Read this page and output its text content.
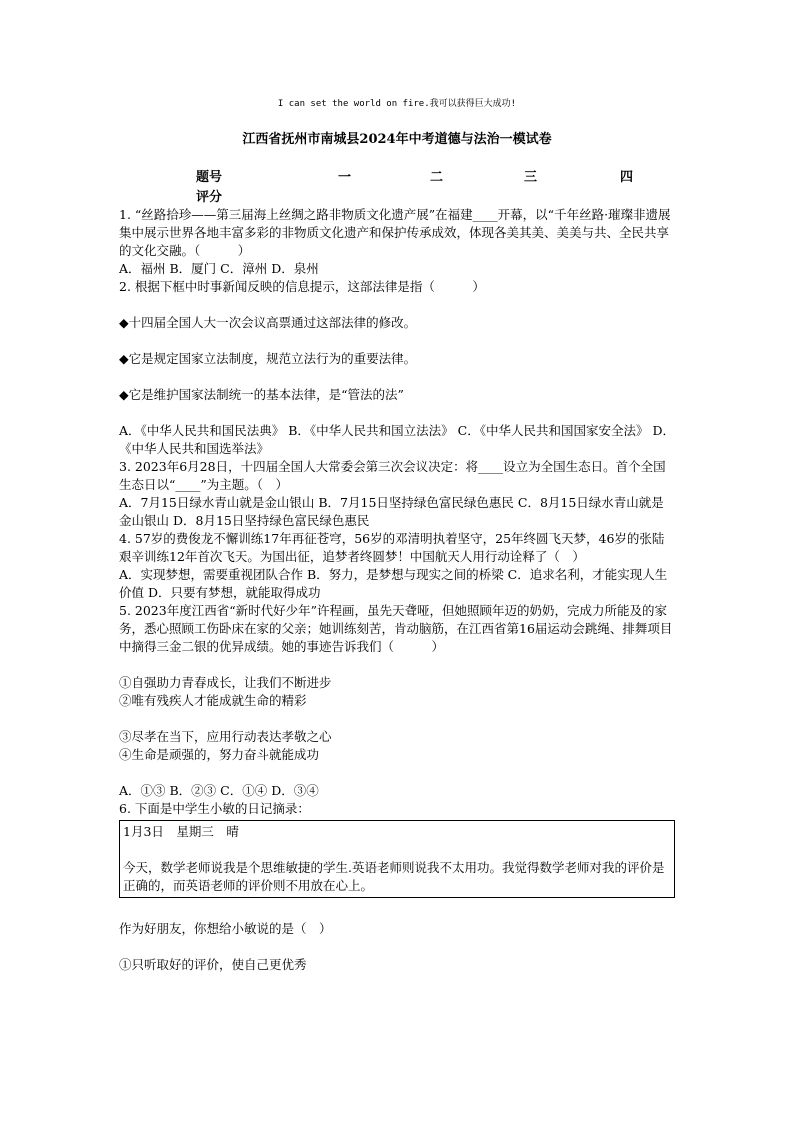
I can set the world on fire.我可以获得巨大成功!
江西省抚州市南城县2024年中考道德与法治一模试卷
题号	一	二	三	四
评分

1. “丝路拾珍——第三届海上丝绸之路非物质文化遗产展”在福建____开幕，以“千年丝路·璀璨非遗展集中展示世界各地丰富多彩的非物质文化遗产和保护传承成效，体现各美其美、美美与共、全民共享的文化交融。（　　　）

A．福州 B．厦门 C．漳州 D．泉州

2. 根据下框中时事新闻反映的信息提示，这部法律是指（　　　）

◆十四届全国人大一次会议高票通过这部法律的修改。

◆它是规定国家立法制度，规范立法行为的重要法律。

◆它是维护国家法制统一的基本法律，是“管法的法”

A．《中华人民共和国民法典》 B．《中华人民共和国立法法》 C．《中华人民共和国国家安全法》 D．《中华人民共和国选举法》

3. 2023年6月28日，十四届全国人大常委会第三次会议决定：将____设立为全国生态日。首个全国生态日以“____”为主题。（　）

A．7月15日绿水青山就是金山银山 B．7月15日坚持绿色富民绿色惠民 C．8月15日绿水青山就是金山银山 D．8月15日坚持绿色富民绿色惠民

4. 57岁的费俊龙不懈训练17年再征苍穹，56岁的邓清明执着坚守，25年终圆飞天梦，46岁的张陆艰辛训练12年首次飞天。为国出征，追梦者终圆梦！中国航天人用行动诠释了（　）

A．实现梦想，需要重视团队合作 B．努力，是梦想与现实之间的桥梁 C．追求名利，才能实现人生价值 D．只要有梦想，就能取得成功

5. 2023年度江西省“新时代好少年”许程画，虽先天聋哑，但她照顾年迈的奶奶，完成力所能及的家务，悉心照顾工伤卧床在家的父亲；她训练刻苦，肯动脑筋，在江西省第16届运动会跳绳、排舞项目中摘得三金二银的优异成绩。她的事迹告诉我们（　　　）

①自强助力青春成长，让我们不断进步

②唯有残疾人才能成就生命的精彩

③尽孝在当下，应用行动表达孝敬之心

④生命是顽强的，努力奋斗就能成功

A．①③ B．②③ C．①④ D．③④

6. 下面是中学生小敏的日记摘录：

1月3日　星期三　晴

今天，数学老师说我是个思维敏捷的学生.英语老师则说我不太用功。我觉得数学老师对我的评价是正确的，而英语老师的评价则不用放在心上。

作为好朋友，你想给小敏说的是（　）

①只听取好的评价，使自己更优秀
